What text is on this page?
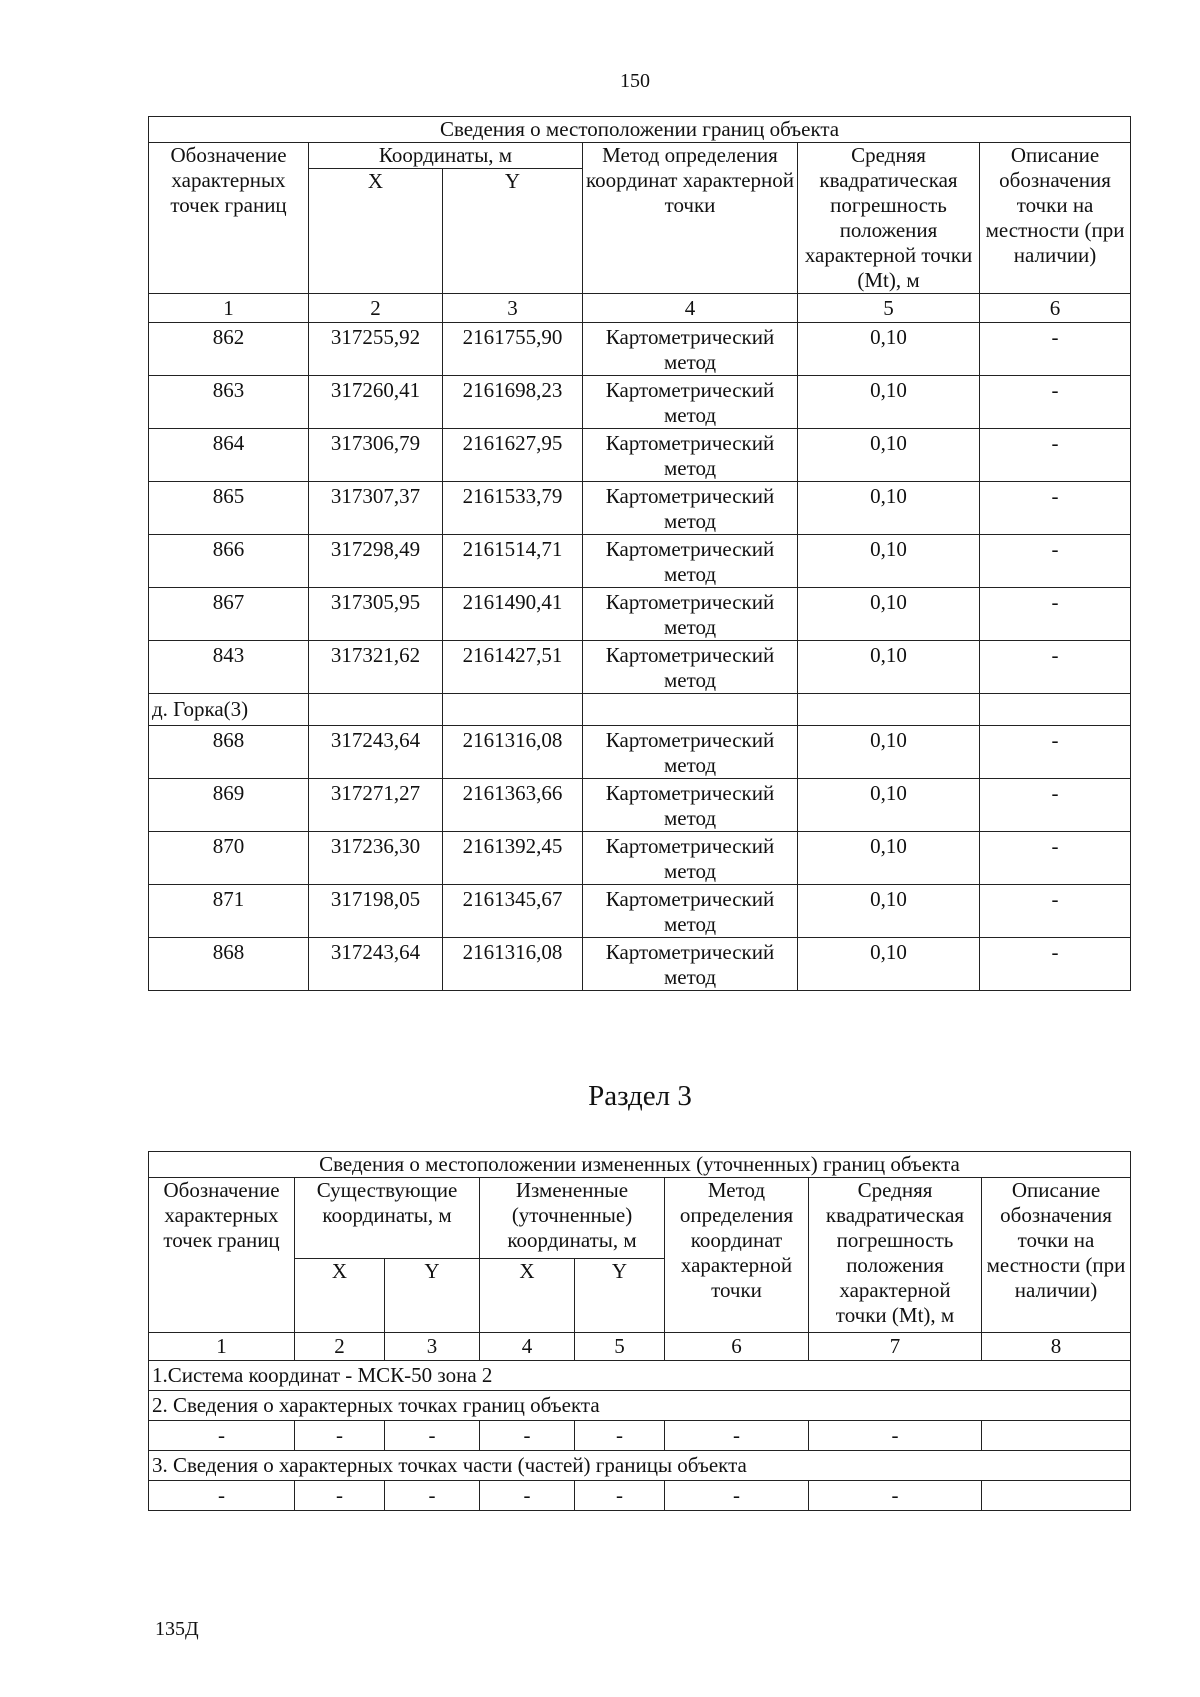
150
Сведения о местоположении границ объекта					
Обозначение характерных точек границ	Координаты, м		Метод определения координат характерной точки	Средняя квадратическая погрешность положения характерной точки (Mt), м	Описание обозначения точки на местности (при наличии)
	X	Y			
1	2	3	4	5	6
862	317255,92	2161755,90	Картометрический метод	0,10	-
863	317260,41	2161698,23	Картометрический метод	0,10	-
864	317306,79	2161627,95	Картометрический метод	0,10	-
865	317307,37	2161533,79	Картометрический метод	0,10	-
866	317298,49	2161514,71	Картометрический метод	0,10	-
867	317305,95	2161490,41	Картометрический метод	0,10	-
843	317321,62	2161427,51	Картометрический метод	0,10	-
д. Горка(3)					
868	317243,64	2161316,08	Картометрический метод	0,10	-
869	317271,27	2161363,66	Картометрический метод	0,10	-
870	317236,30	2161392,45	Картометрический метод	0,10	-
871	317198,05	2161345,67	Картометрический метод	0,10	-
868	317243,64	2161316,08	Картометрический метод	0,10	-
Раздел 3
Сведения о местоположении измененных (уточненных) границ объекта							
Обозначение характерных точек границ	Существующие координаты, м		Измененные (уточненные) координаты, м		Метод определения координат характерной точки	Средняя квадратическая погрешность положения характерной точки (Mt), м	Описание обозначения точки на местности (при наличии)
	X	Y	X	Y			
1	2	3	4	5	6	7	8
1.Система координат - МСК-50 зона 2							
2. Сведения о характерных точках границ объекта							
-	-	-	-	-	-	-	
3. Сведения о характерных точках части (частей) границы объекта							
-	-	-	-	-	-	-	
135Д
